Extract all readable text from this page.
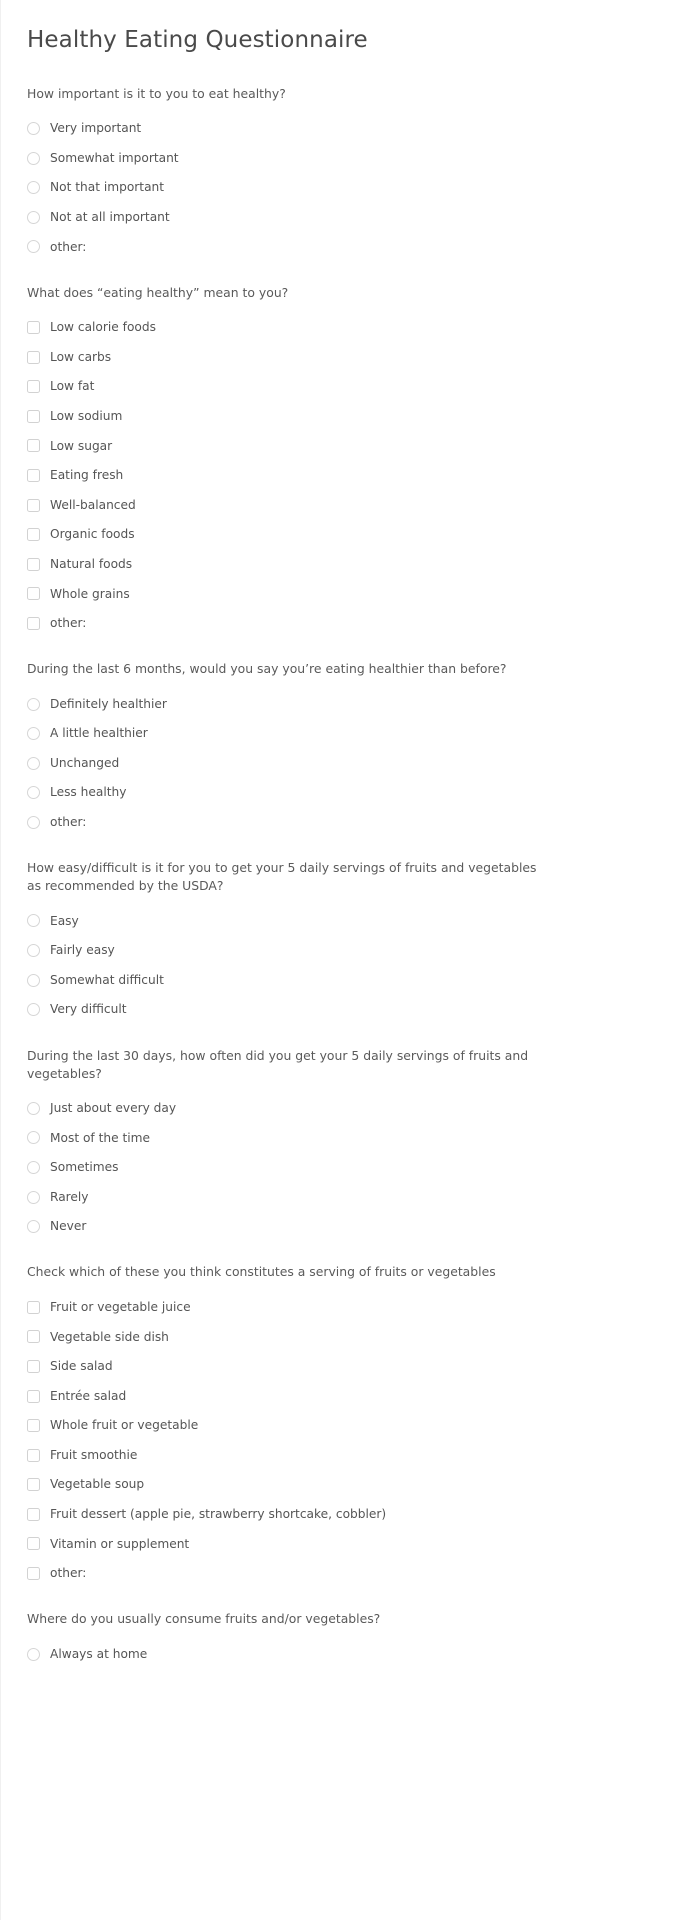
Healthy Eating Questionnaire

How important is it to you to eat healthy?

Very important
Somewhat important
Not that important
Not at all important
other:

What does “eating healthy” mean to you?

Low calorie foods
Low carbs
Low fat
Low sodium
Low sugar
Eating fresh
Well-balanced
Organic foods
Natural foods
Whole grains
other:

During the last 6 months, would you say you’re eating healthier than before?

Definitely healthier
A little healthier
Unchanged
Less healthy
other:

How easy/difficult is it for you to get your 5 daily servings of fruits and vegetables as recommended by the USDA?

Easy
Fairly easy
Somewhat difficult
Very difficult

During the last 30 days, how often did you get your 5 daily servings of fruits and vegetables?

Just about every day
Most of the time
Sometimes
Rarely
Never

Check which of these you think constitutes a serving of fruits or vegetables

Fruit or vegetable juice
Vegetable side dish
Side salad
Entrée salad
Whole fruit or vegetable
Fruit smoothie
Vegetable soup
Fruit dessert (apple pie, strawberry shortcake, cobbler)
Vitamin or supplement
other:

Where do you usually consume fruits and/or vegetables?

Always at home
